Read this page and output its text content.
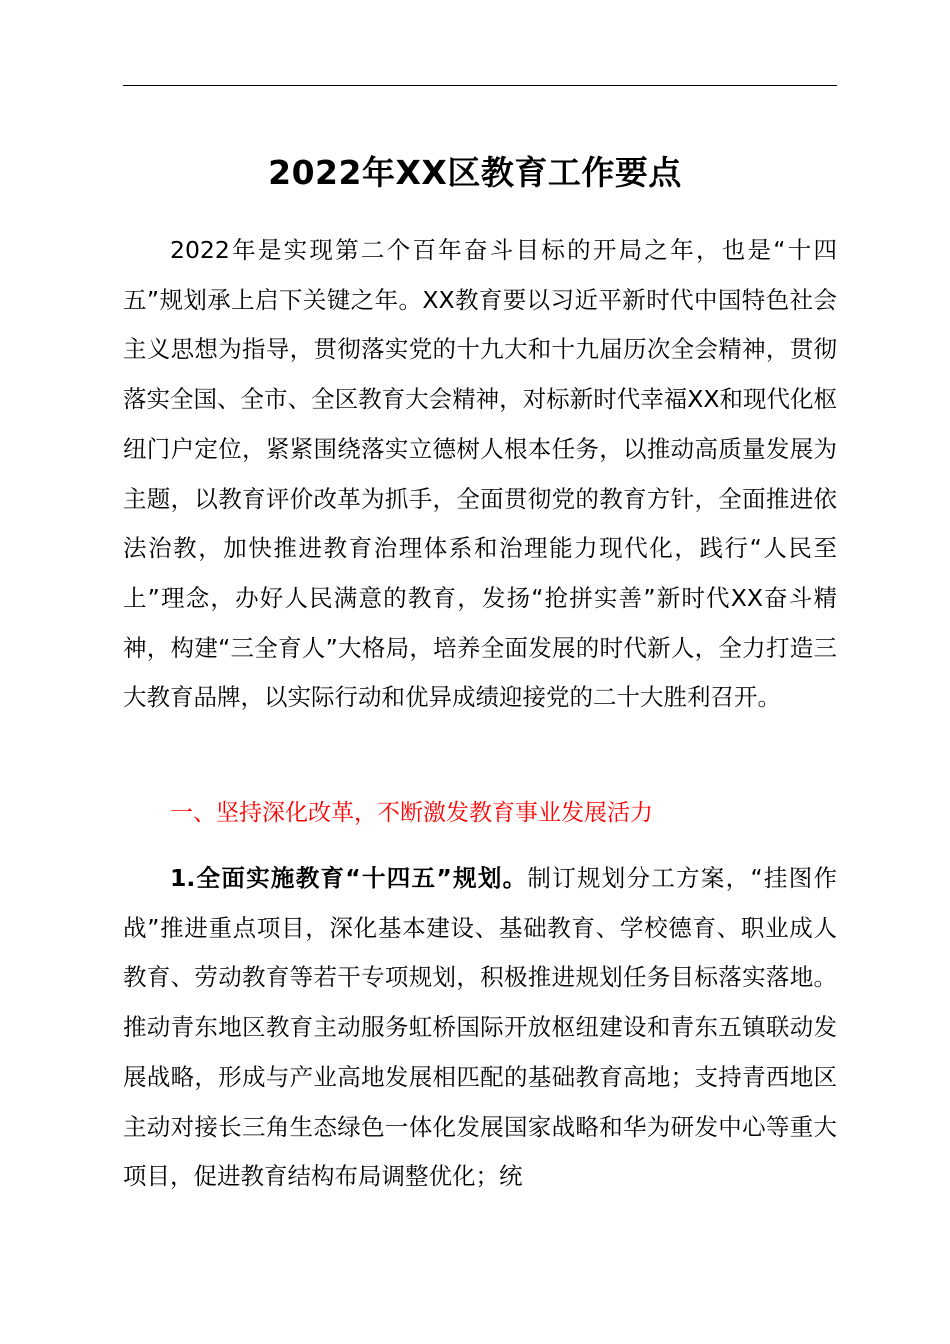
2022年XX区教育工作要点

2022年是实现第二个百年奋斗目标的开局之年，也是“十四五”规划承上启下关键之年。XX教育要以习近平新时代中国特色社会主义思想为指导，贯彻落实党的十九大和十九届历次全会精神，贯彻落实全国、全市、全区教育大会精神，对标新时代幸福XX和现代化枢纽门户定位，紧紧围绕落实立德树人根本任务，以推动高质量发展为主题，以教育评价改革为抓手，全面贯彻党的教育方针，全面推进依法治教，加快推进教育治理体系和治理能力现代化，践行“人民至上”理念，办好人民满意的教育，发扬“抢拼实善”新时代XX奋斗精神，构建“三全育人”大格局，培养全面发展的时代新人，全力打造三大教育品牌，以实际行动和优异成绩迎接党的二十大胜利召开。

一、坚持深化改革，不断激发教育事业发展活力

1.全面实施教育“十四五”规划。制订规划分工方案，“挂图作战”推进重点项目，深化基本建设、基础教育、学校德育、职业成人教育、劳动教育等若干专项规划，积极推进规划任务目标落实落地。推动青东地区教育主动服务虹桥国际开放枢纽建设和青东五镇联动发展战略，形成与产业高地发展相匹配的基础教育高地；支持青西地区主动对接长三角生态绿色一体化发展国家战略和华为研发中心等重大项目，促进教育结构布局调整优化；统
